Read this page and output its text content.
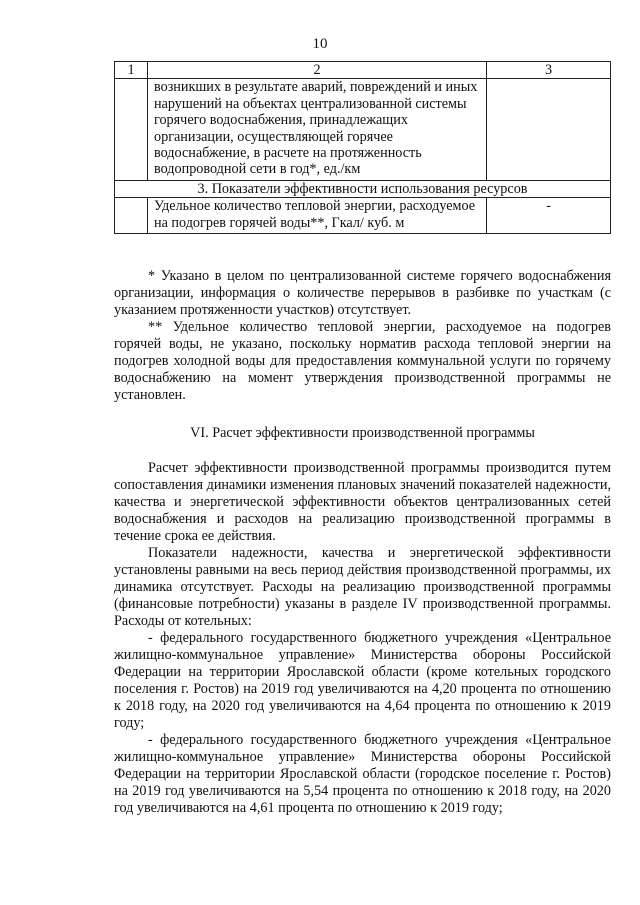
10
1	2	3
	возникших в результате аварий, повреждений и иных нарушений на объектах централизованной системы горячего водоснабжения, принадлежащих организации, осуществляющей горячее водоснабжение, в расчете на протяженность водопроводной сети в год*, ед./км	
3. Показатели эффективности использования ресурсов		
	Удельное количество тепловой энергии, расходуемое на подогрев горячей воды**, Гкал/ куб. м	-

* Указано в целом по централизованной системе горячего водоснабжения организации, информация о количестве перерывов в разбивке по участкам (с указанием протяженности участков) отсутствует.

** Удельное количество тепловой энергии, расходуемое на подогрев горячей воды, не указано, поскольку норматив расхода тепловой энергии на подогрев холодной воды для предоставления коммунальной услуги по горячему водоснабжению на момент утверждения производственной программы не установлен.

VI. Расчет эффективности производственной программы

Расчет эффективности производственной программы производится путем сопоставления динамики изменения плановых значений показателей надежности, качества и энергетической эффективности объектов централизованных сетей водоснабжения и расходов на реализацию производственной программы в течение срока ее действия.

Показатели надежности, качества и энергетической эффективности установлены равными на весь период действия производственной программы, их динамика отсутствует. Расходы на реализацию производственной программы (финансовые потребности) указаны в разделе IV производственной программы. Расходы от котельных:

- федерального государственного бюджетного учреждения «Центральное жилищно-коммунальное управление» Министерства обороны Российской Федерации на территории Ярославской области (кроме котельных городского поселения г. Ростов) на 2019 год увеличиваются на 4,20 процента по отношению к 2018 году, на 2020 год увеличиваются на 4,64 процента по отношению к 2019 году;

- федерального государственного бюджетного учреждения «Центральное жилищно-коммунальное управление» Министерства обороны Российской Федерации на территории Ярославской области (городское поселение г. Ростов) на 2019 год увеличиваются на 5,54 процента по отношению к 2018 году, на 2020 год увеличиваются на 4,61 процента по отношению к 2019 году;
